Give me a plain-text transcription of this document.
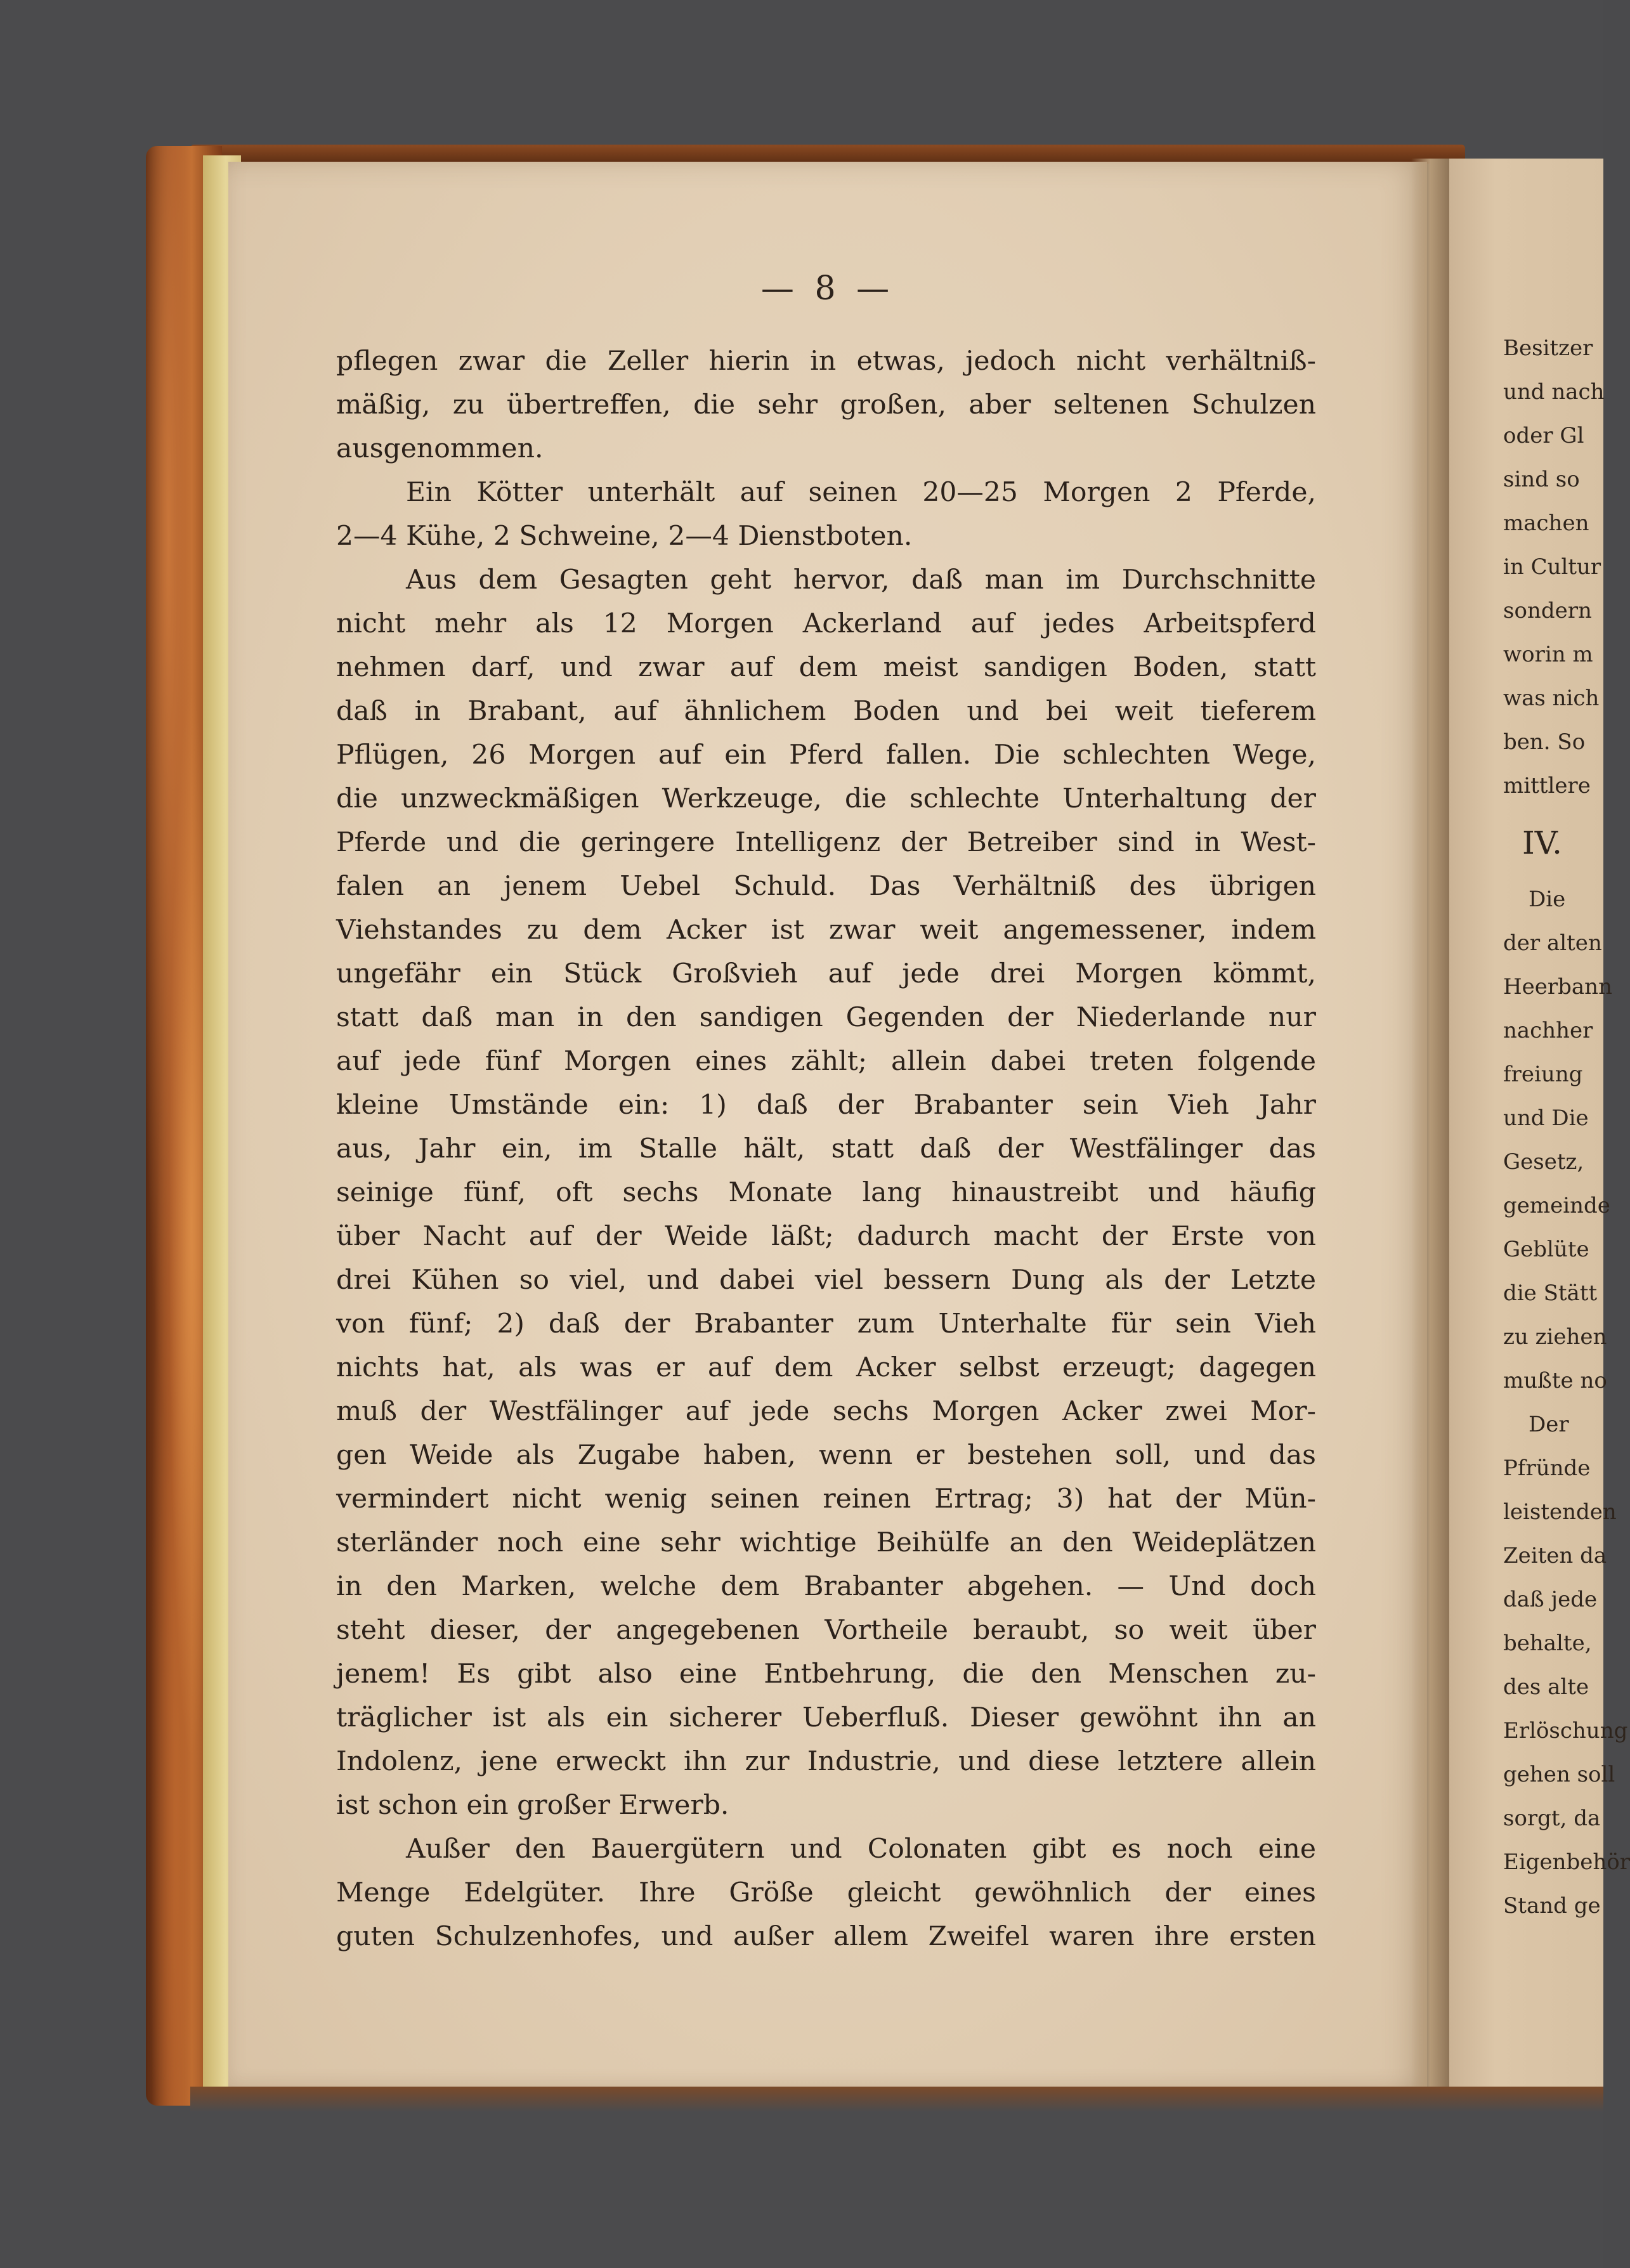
— 8 —
pflegen zwar die Zeller hierin in etwas, jedoch nicht verhältniß-
mäßig, zu übertreffen, die sehr großen, aber seltenen Schulzen
ausgenommen.
Ein Kötter unterhält auf seinen 20—25 Morgen 2 Pferde,
2—4 Kühe, 2 Schweine, 2—4 Dienstboten.
Aus dem Gesagten geht hervor, daß man im Durchschnitte
nicht mehr als 12 Morgen Ackerland auf jedes Arbeitspferd
nehmen darf, und zwar auf dem meist sandigen Boden, statt
daß in Brabant, auf ähnlichem Boden und bei weit tieferem
Pflügen, 26 Morgen auf ein Pferd fallen. Die schlechten Wege,
die unzweckmäßigen Werkzeuge, die schlechte Unterhaltung der
Pferde und die geringere Intelligenz der Betreiber sind in West-
falen an jenem Uebel Schuld. Das Verhältniß des übrigen
Viehstandes zu dem Acker ist zwar weit angemessener, indem
ungefähr ein Stück Großvieh auf jede drei Morgen kömmt,
statt daß man in den sandigen Gegenden der Niederlande nur
auf jede fünf Morgen eines zählt; allein dabei treten folgende
kleine Umstände ein: 1) daß der Brabanter sein Vieh Jahr
aus, Jahr ein, im Stalle hält, statt daß der Westfälinger das
seinige fünf, oft sechs Monate lang hinaustreibt und häufig
über Nacht auf der Weide läßt; dadurch macht der Erste von
drei Kühen so viel, und dabei viel bessern Dung als der Letzte
von fünf; 2) daß der Brabanter zum Unterhalte für sein Vieh
nichts hat, als was er auf dem Acker selbst erzeugt; dagegen
muß der Westfälinger auf jede sechs Morgen Acker zwei Mor-
gen Weide als Zugabe haben, wenn er bestehen soll, und das
vermindert nicht wenig seinen reinen Ertrag; 3) hat der Mün-
sterländer noch eine sehr wichtige Beihülfe an den Weideplätzen
in den Marken, welche dem Brabanter abgehen. — Und doch
steht dieser, der angegebenen Vortheile beraubt, so weit über
jenem! Es gibt also eine Entbehrung, die den Menschen zu-
träglicher ist als ein sicherer Ueberfluß. Dieser gewöhnt ihn an
Indolenz, jene erweckt ihn zur Industrie, und diese letztere allein
ist schon ein großer Erwerb.
Außer den Bauergütern und Colonaten gibt es noch eine
Menge Edelgüter. Ihre Größe gleicht gewöhnlich der eines
guten Schulzenhofes, und außer allem Zweifel waren ihre ersten
Besitzer
und nach
oder Gl
sind so
machen
in Cultur
sondern
worin m
was nich
ben. So
mittlere
IV.
Die
der alten
Heerbann
nachher
freiung
und Die
Gesetz,
gemeinde
Geblüte
die Stätt
zu ziehen
mußte no
Der
Pfründe
leistenden
Zeiten da
daß jede
behalte,
des alte
Erlöschung
gehen soll
sorgt, da
Eigenbehör
Stand ge
